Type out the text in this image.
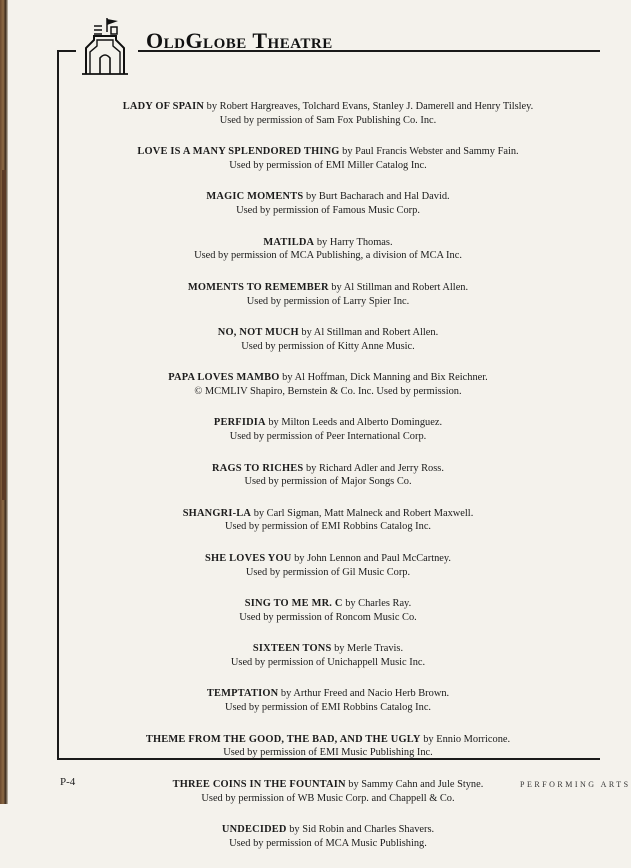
OldGlobe Theatre
LADY OF SPAIN by Robert Hargreaves, Tolchard Evans, Stanley J. Damerell and Henry Tilsley.
Used by permission of Sam Fox Publishing Co. Inc.
LOVE IS A MANY SPLENDORED THING by Paul Francis Webster and Sammy Fain.
Used by permission of EMI Miller Catalog Inc.
MAGIC MOMENTS by Burt Bacharach and Hal David.
Used by permission of Famous Music Corp.
MATILDA by Harry Thomas.
Used by permission of MCA Publishing, a division of MCA Inc.
MOMENTS TO REMEMBER by Al Stillman and Robert Allen.
Used by permission of Larry Spier Inc.
NO, NOT MUCH by Al Stillman and Robert Allen.
Used by permission of Kitty Anne Music.
PAPA LOVES MAMBO by Al Hoffman, Dick Manning and Bix Reichner.
© MCMLIV Shapiro, Bernstein & Co. Inc. Used by permission.
PERFIDIA by Milton Leeds and Alberto Dominguez.
Used by permission of Peer International Corp.
RAGS TO RICHES by Richard Adler and Jerry Ross.
Used by permission of Major Songs Co.
SHANGRI-LA by Carl Sigman, Matt Malneck and Robert Maxwell.
Used by permission of EMI Robbins Catalog Inc.
SHE LOVES YOU by John Lennon and Paul McCartney.
Used by permission of Gil Music Corp.
SING TO ME MR. C by Charles Ray.
Used by permission of Roncom Music Co.
SIXTEEN TONS by Merle Travis.
Used by permission of Unichappell Music Inc.
TEMPTATION by Arthur Freed and Nacio Herb Brown.
Used by permission of EMI Robbins Catalog Inc.
THEME FROM THE GOOD, THE BAD, AND THE UGLY by Ennio Morricone.
Used by permission of EMI Music Publishing Inc.
THREE COINS IN THE FOUNTAIN by Sammy Cahn and Jule Styne.
Used by permission of WB Music Corp. and Chappell & Co.
UNDECIDED by Sid Robin and Charles Shavers.
Used by permission of MCA Music Publishing.
P-4	PERFORMING ARTS
